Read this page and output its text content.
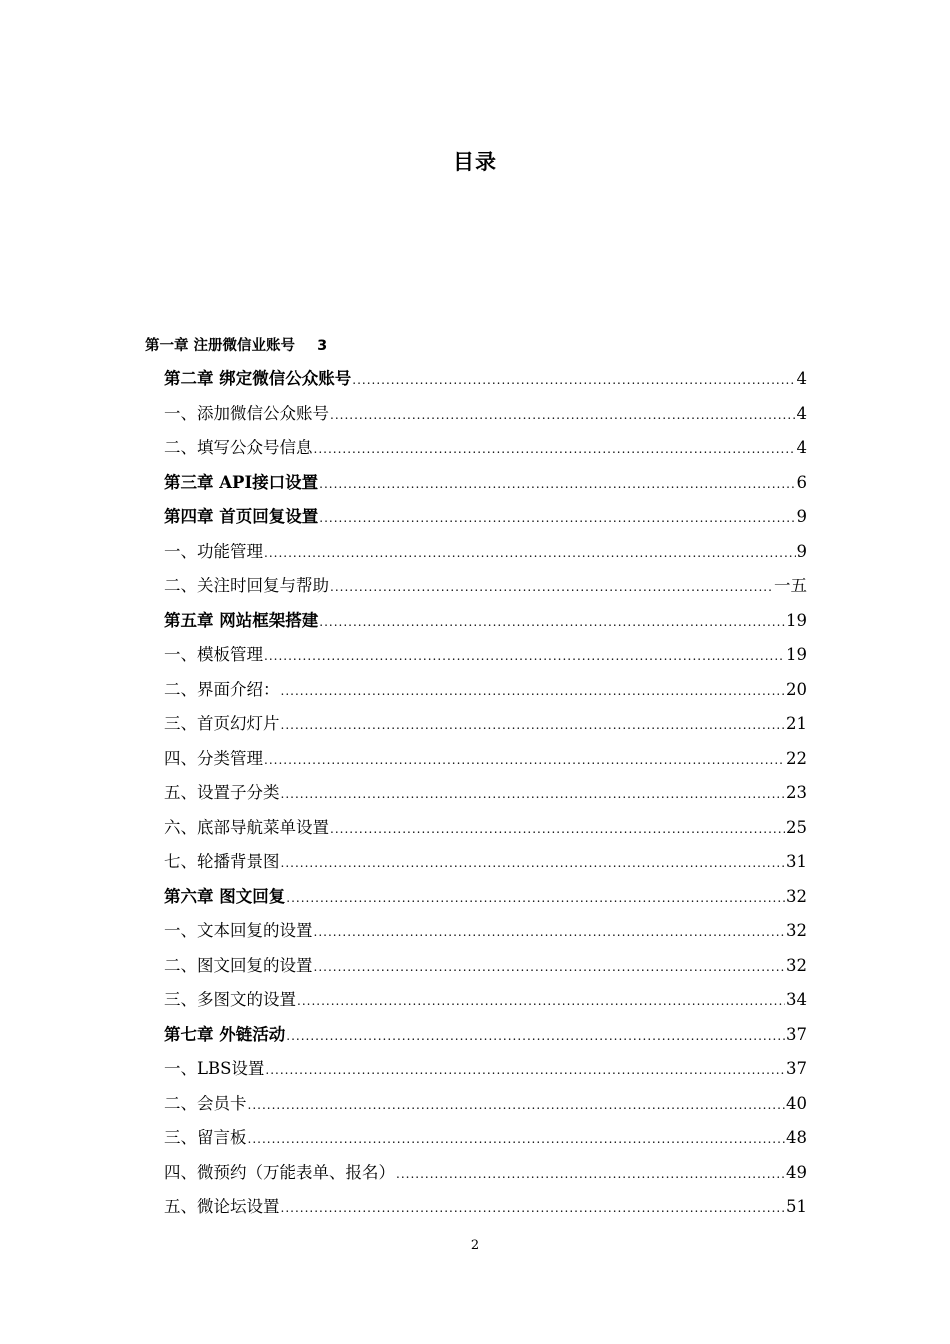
目录
第一章 注册微信业账号 3
第二章 绑定微信公众账号 .....	4
一、添加微信公众账号 .....	4
二、填写公众号信息 .....	4
第三章 API接口设置 .....	6
第四章 首页回复设置 .....	9
一、功能管理 .....	9
二、关注时回复与帮助 .....	一五
第五章 网站框架搭建 .....	19
一、模板管理 .....	19
二、界面介绍： .....	20
三、首页幻灯片 .....	21
四、分类管理 .....	22
五、设置子分类 .....	23
六、底部导航菜单设置 .....	25
七、轮播背景图 .....	31
第六章 图文回复 .....	32
一、文本回复的设置 .....	32
二、图文回复的设置 .....	32
三、多图文的设置 .....	34
第七章 外链活动 .....	37
一、LBS设置 .....	37
二、会员卡 .....	40
三、留言板 .....	48
四、微预约（万能表单、报名） .....	49
五、微论坛设置 .....	51
2
